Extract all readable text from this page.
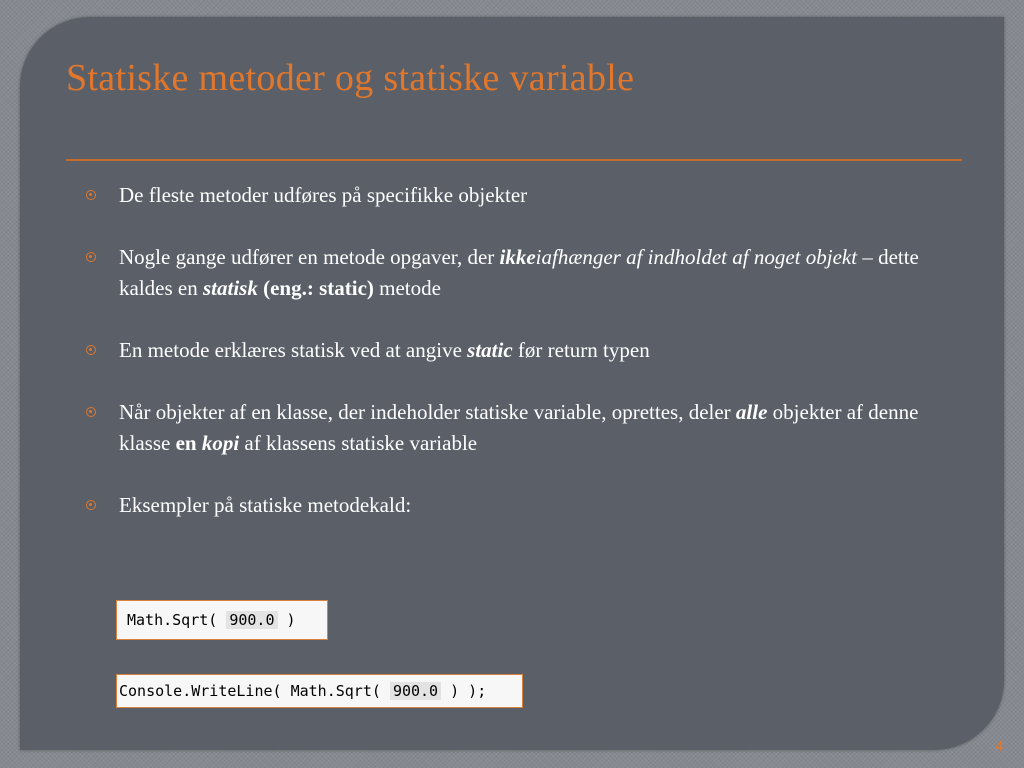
Statiske metoder og statiske variable
De fleste metoder udføres på specifikke objekter
Nogle gange udfører en metode opgaver, der ikkeiafhænger af indholdet af noget objekt – dette kaldes en statisk (eng.: static) metode
En metode erklæres statisk ved at angive static før return typen
Når objekter af en klasse, der indeholder statiske variable, oprettes, deler alle objekter af denne klasse en kopi af klassens statiske variable
Eksempler på statiske metodekald:
Math.Sqrt( 900.0 )
Console.WriteLine( Math.Sqrt( 900.0 ) );
4
